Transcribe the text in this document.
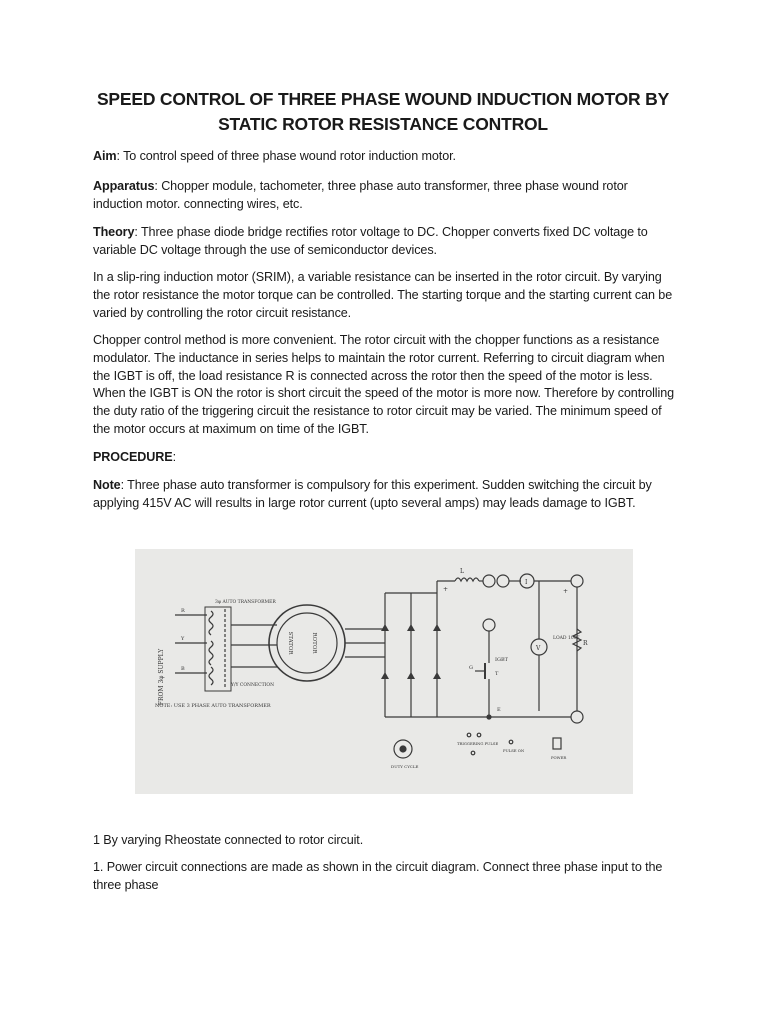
SPEED CONTROL OF THREE PHASE WOUND INDUCTION MOTOR BY
STATIC ROTOR RESISTANCE CONTROL
Aim: To control speed of three phase wound rotor induction motor.
Apparatus: Chopper module, tachometer, three phase auto transformer, three phase wound rotor induction motor. connecting wires, etc.
Theory: Three phase diode bridge rectifies rotor voltage to DC. Chopper converts fixed DC voltage to variable DC voltage through the use of semiconductor devices.
In a slip-ring induction motor (SRIM), a variable resistance can be inserted in the rotor circuit. By varying the rotor resistance the motor torque can be controlled. The starting torque and the starting current can be varied by controlling the rotor circuit resistance.
Chopper control method is more convenient. The rotor circuit with the chopper functions as a resistance modulator. The inductance in series helps to maintain the rotor current. Referring to circuit diagram when the IGBT is off, the load resistance R is connected across the rotor then the speed of the motor is less. When the IGBT is ON the rotor is short circuit the speed of the motor is more now. Therefore by controlling the duty ratio of the triggering circuit the resistance to rotor circuit may be varied. The minimum speed of the motor occurs at maximum on time of the IGBT.
PROCEDURE:
Note: Three phase auto transformer is compulsory for this experiment. Sudden switching the circuit by applying 415V AC will results in large rotor current (upto several amps) may leads damage to IGBT.
FROM 3φ SUPPLY
R
Y
B
3φ AUTO TRANSFORMER
Y/Y CONNECTION
STATOR	ROTOR
NOTE: USE 3 PHASE AUTO TRANSFORMER
+
L
I
+
V
LOAD 100E
R
IGBT
G
T
E
DUTY CYCLE
TRIGGERING PULSE
PULSE ON
POWER
1 By varying Rheostate connected to rotor circuit.
1. Power circuit connections are made as shown in the circuit diagram. Connect three phase input to the three phase
